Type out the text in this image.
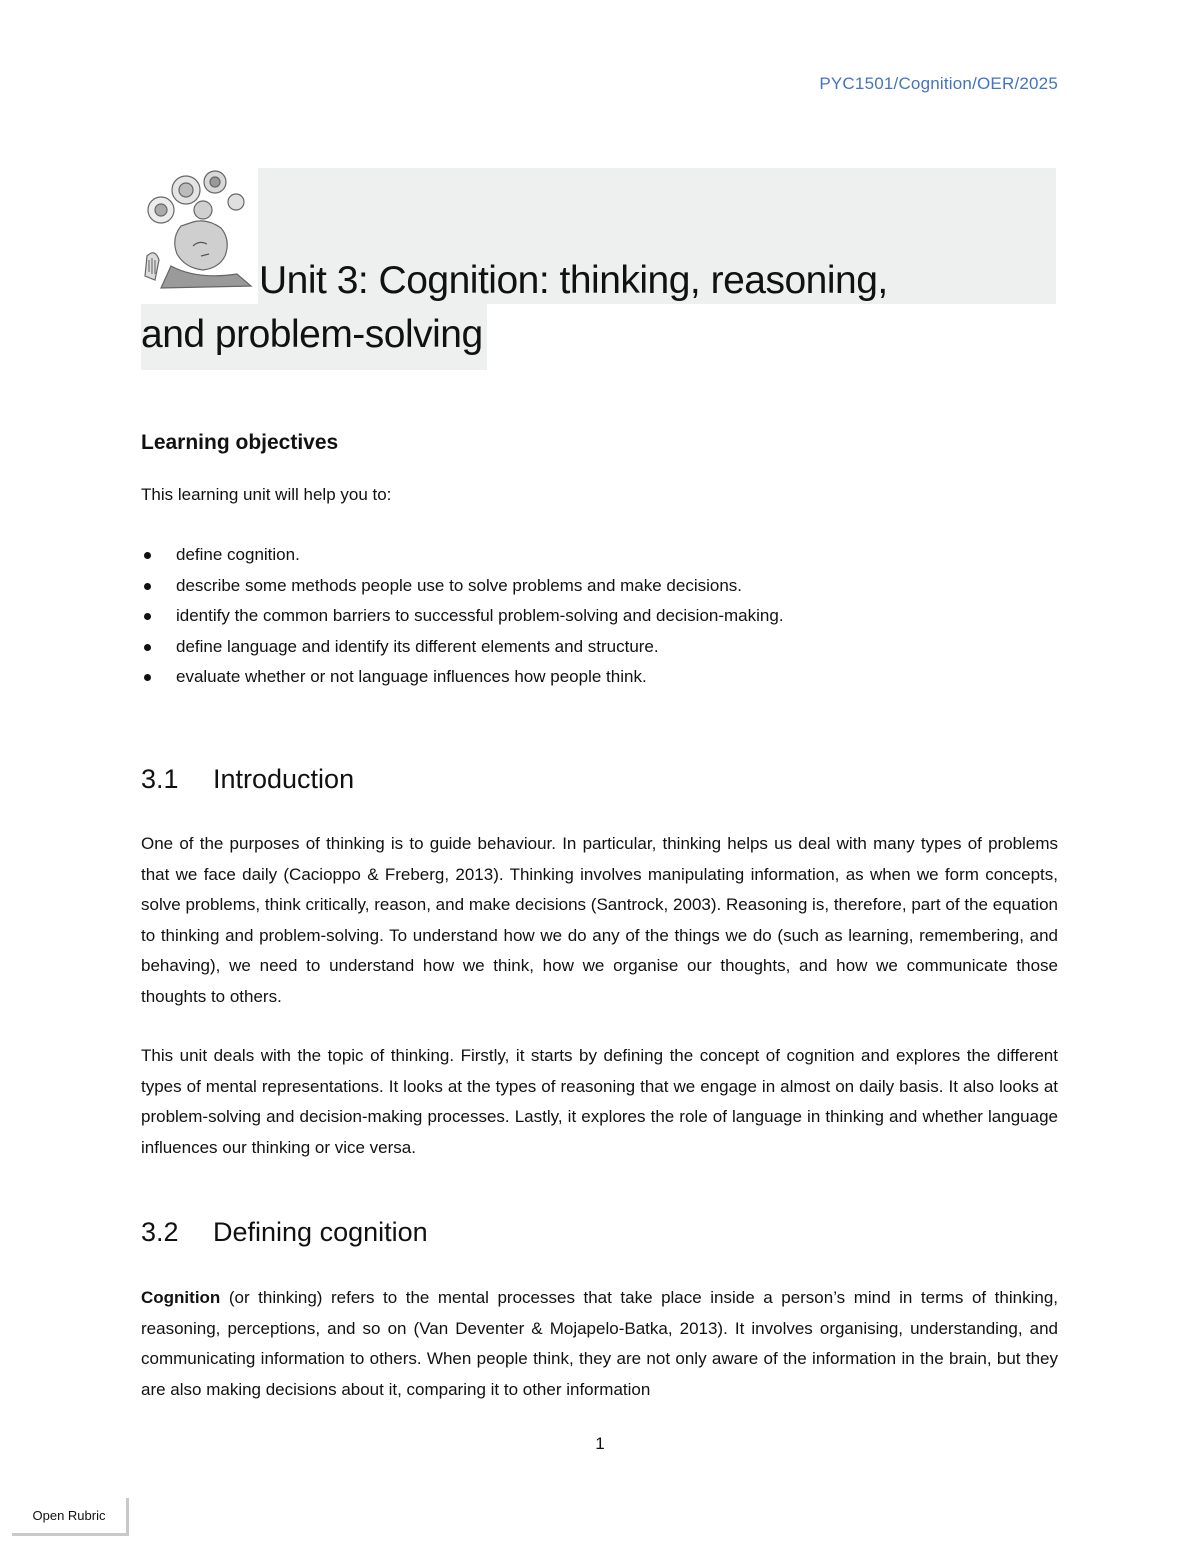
PYC1501/Cognition/OER/2025
Unit 3: Cognition: thinking, reasoning,
and problem-solving
Learning objectives
This learning unit will help you to:
define cognition.
describe some methods people use to solve problems and make decisions.
identify the common barriers to successful problem-solving and decision-making.
define language and identify its different elements and structure.
evaluate whether or not language influences how people think.
3.1 Introduction

One of the purposes of thinking is to guide behaviour. In particular, thinking helps us deal with many types of problems that we face daily (Cacioppo & Freberg, 2013). Thinking involves manipulating information, as when we form concepts, solve problems, think critically, reason, and make decisions (Santrock, 2003). Reasoning is, therefore, part of the equation to thinking and problem-solving. To understand how we do any of the things we do (such as learning, remembering, and behaving), we need to understand how we think, how we organise our thoughts, and how we communicate those thoughts to others.

This unit deals with the topic of thinking. Firstly, it starts by defining the concept of cognition and explores the different types of mental representations. It looks at the types of reasoning that we engage in almost on daily basis. It also looks at problem-solving and decision-making processes. Lastly, it explores the role of language in thinking and whether language influences our thinking or vice versa.

3.2 Defining cognition

Cognition (or thinking) refers to the mental processes that take place inside a person’s mind in terms of thinking, reasoning, perceptions, and so on (Van Deventer & Mojapelo-Batka, 2013). It involves organising, understanding, and communicating information to others. When people think, they are not only aware of the information in the brain, but they are also making decisions about it, comparing it to other information

1
Open Rubric
